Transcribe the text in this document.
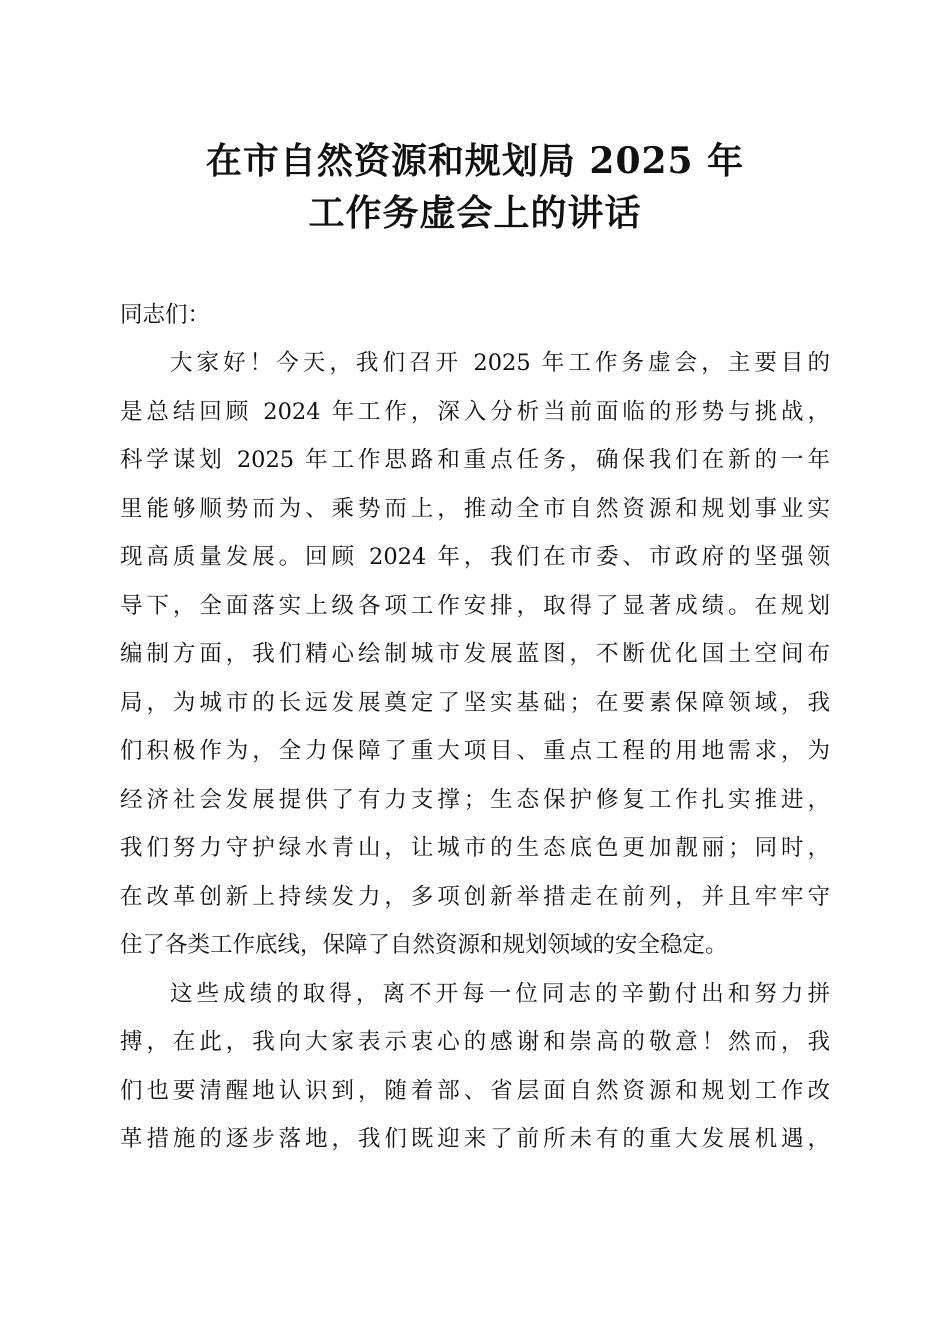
在市自然资源和规划局 2025 年
工作务虚会上的讲话

同志们：

大家好！今天，我们召开 2025 年工作务虚会，主要目的

是总结回顾 2024 年工作，深入分析当前面临的形势与挑战，

科学谋划 2025 年工作思路和重点任务，确保我们在新的一年

里能够顺势而为、乘势而上，推动全市自然资源和规划事业实

现高质量发展。回顾 2024 年，我们在市委、市政府的坚强领

导下，全面落实上级各项工作安排，取得了显著成绩。在规划

编制方面，我们精心绘制城市发展蓝图，不断优化国土空间布

局，为城市的长远发展奠定了坚实基础；在要素保障领域，我

们积极作为，全力保障了重大项目、重点工程的用地需求，为

经济社会发展提供了有力支撑；生态保护修复工作扎实推进，

我们努力守护绿水青山，让城市的生态底色更加靓丽；同时，

在改革创新上持续发力，多项创新举措走在前列，并且牢牢守

住了各类工作底线，保障了自然资源和规划领域的安全稳定。

这些成绩的取得，离不开每一位同志的辛勤付出和努力拼

搏，在此，我向大家表示衷心的感谢和崇高的敬意！然而，我

们也要清醒地认识到，随着部、省层面自然资源和规划工作改

革措施的逐步落地，我们既迎来了前所未有的重大发展机遇，
